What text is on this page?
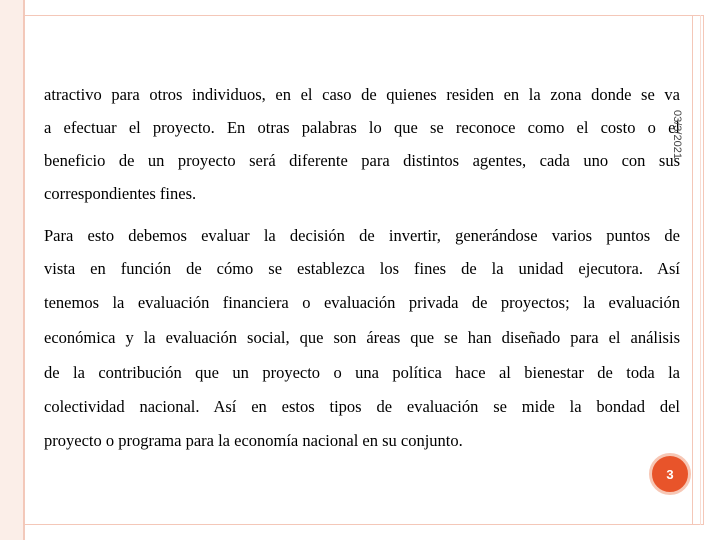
atractivo para otros individuos, en el caso de quienes residen en la zona donde se va
a efectuar el proyecto. En otras palabras lo que se reconoce como el costo o el
beneficio de un proyecto será diferente para distintos agentes, cada uno con sus
correspondientes fines.
Para esto debemos evaluar la decisión de invertir, generándose varios puntos de
vista en función de cómo se establezca los fines de la unidad ejecutora. Así
tenemos la evaluación financiera o evaluación privada de proyectos; la evaluación
económica y la evaluación social, que son áreas que se han diseñado para el análisis
de la contribución que un proyecto o una política hace al bienestar de toda la
colectividad nacional. Así en estos tipos de evaluación se mide la bondad del
proyecto o programa para la economía nacional en su conjunto.
03/3/2021
3
